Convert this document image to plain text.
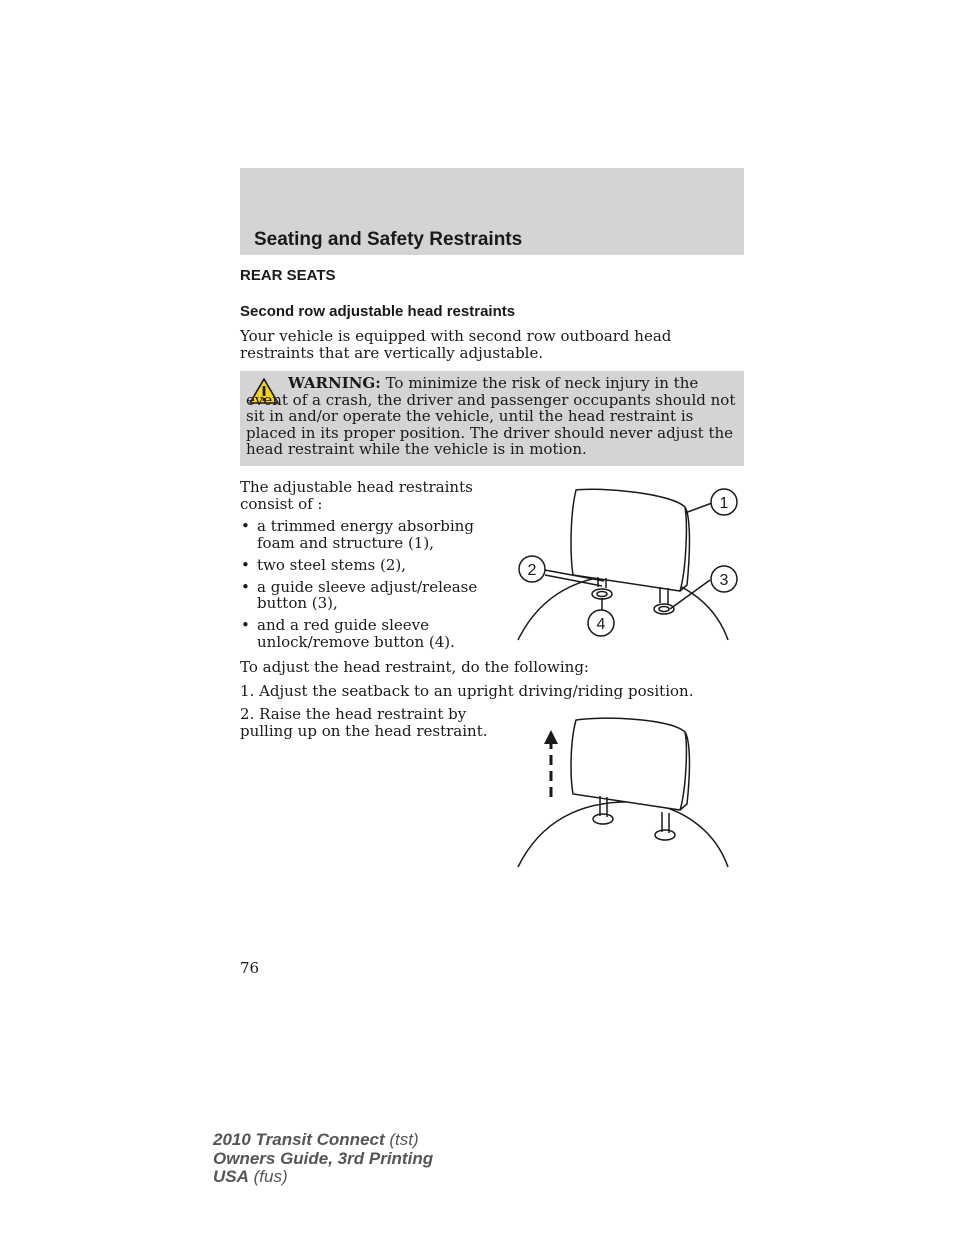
Seating and Safety Restraints
REAR SEATS
Second row adjustable head restraints
Your vehicle is equipped with second row outboard head restraints that are vertically adjustable.
WARNING: To minimize the risk of neck injury in the event of a crash, the driver and passenger occupants should not sit in and/or operate the vehicle, until the head restraint is placed in its proper position. The driver should never adjust the head restraint while the vehicle is in motion.
The adjustable head restraints consist of :
• a trimmed energy absorbing foam and structure (1),
• two steel stems (2),
• a guide sleeve adjust/release button (3),
• and a red guide sleeve unlock/remove button (4).
1
2
3
4
To adjust the head restraint, do the following:
1. Adjust the seatback to an upright driving/riding position.
2. Raise the head restraint by pulling up on the head restraint.
76
2010 Transit Connect (tst)
Owners Guide, 3rd Printing
USA (fus)
